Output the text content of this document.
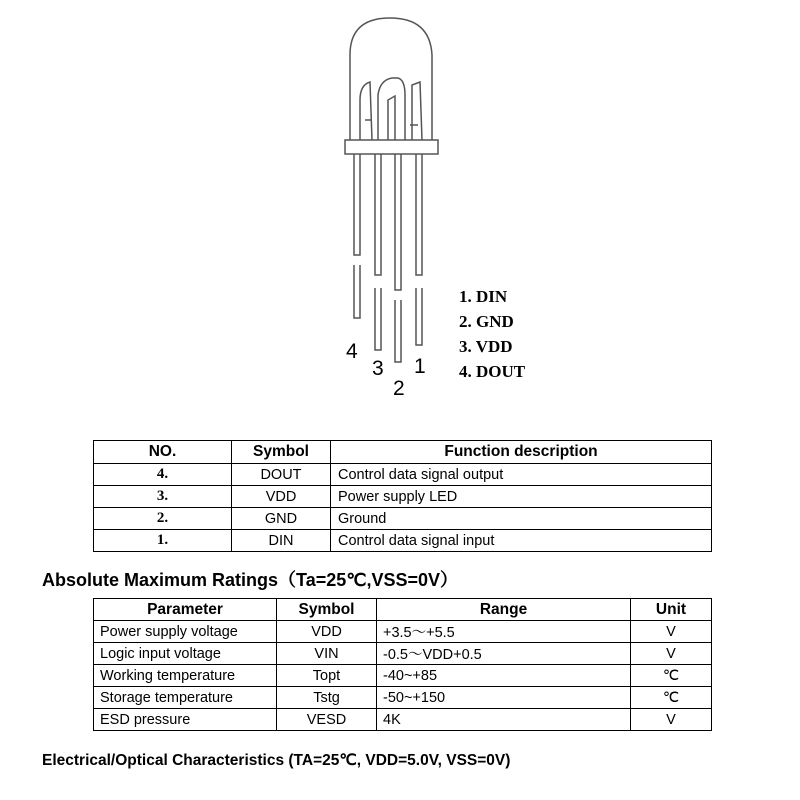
4
3
2
1
1. DIN
2. GND
3. VDD
4. DOUT
NO.	Symbol	Function description
4.	DOUT	Control data signal output
3.	VDD	Power supply LED
2.	GND	Ground
1.	DIN	Control data signal input
Absolute Maximum Ratings（Ta=25℃,VSS=0V）
Parameter	Symbol	Range	Unit
Power supply voltage	VDD	+3.5～+5.5	V
Logic input voltage	VIN	-0.5～VDD+0.5	V
Working temperature	Topt	-40~+85	℃
Storage temperature	Tstg	-50~+150	℃
ESD pressure	VESD	4K	V
Electrical/Optical Characteristics (TA=25℃, VDD=5.0V, VSS=0V)
